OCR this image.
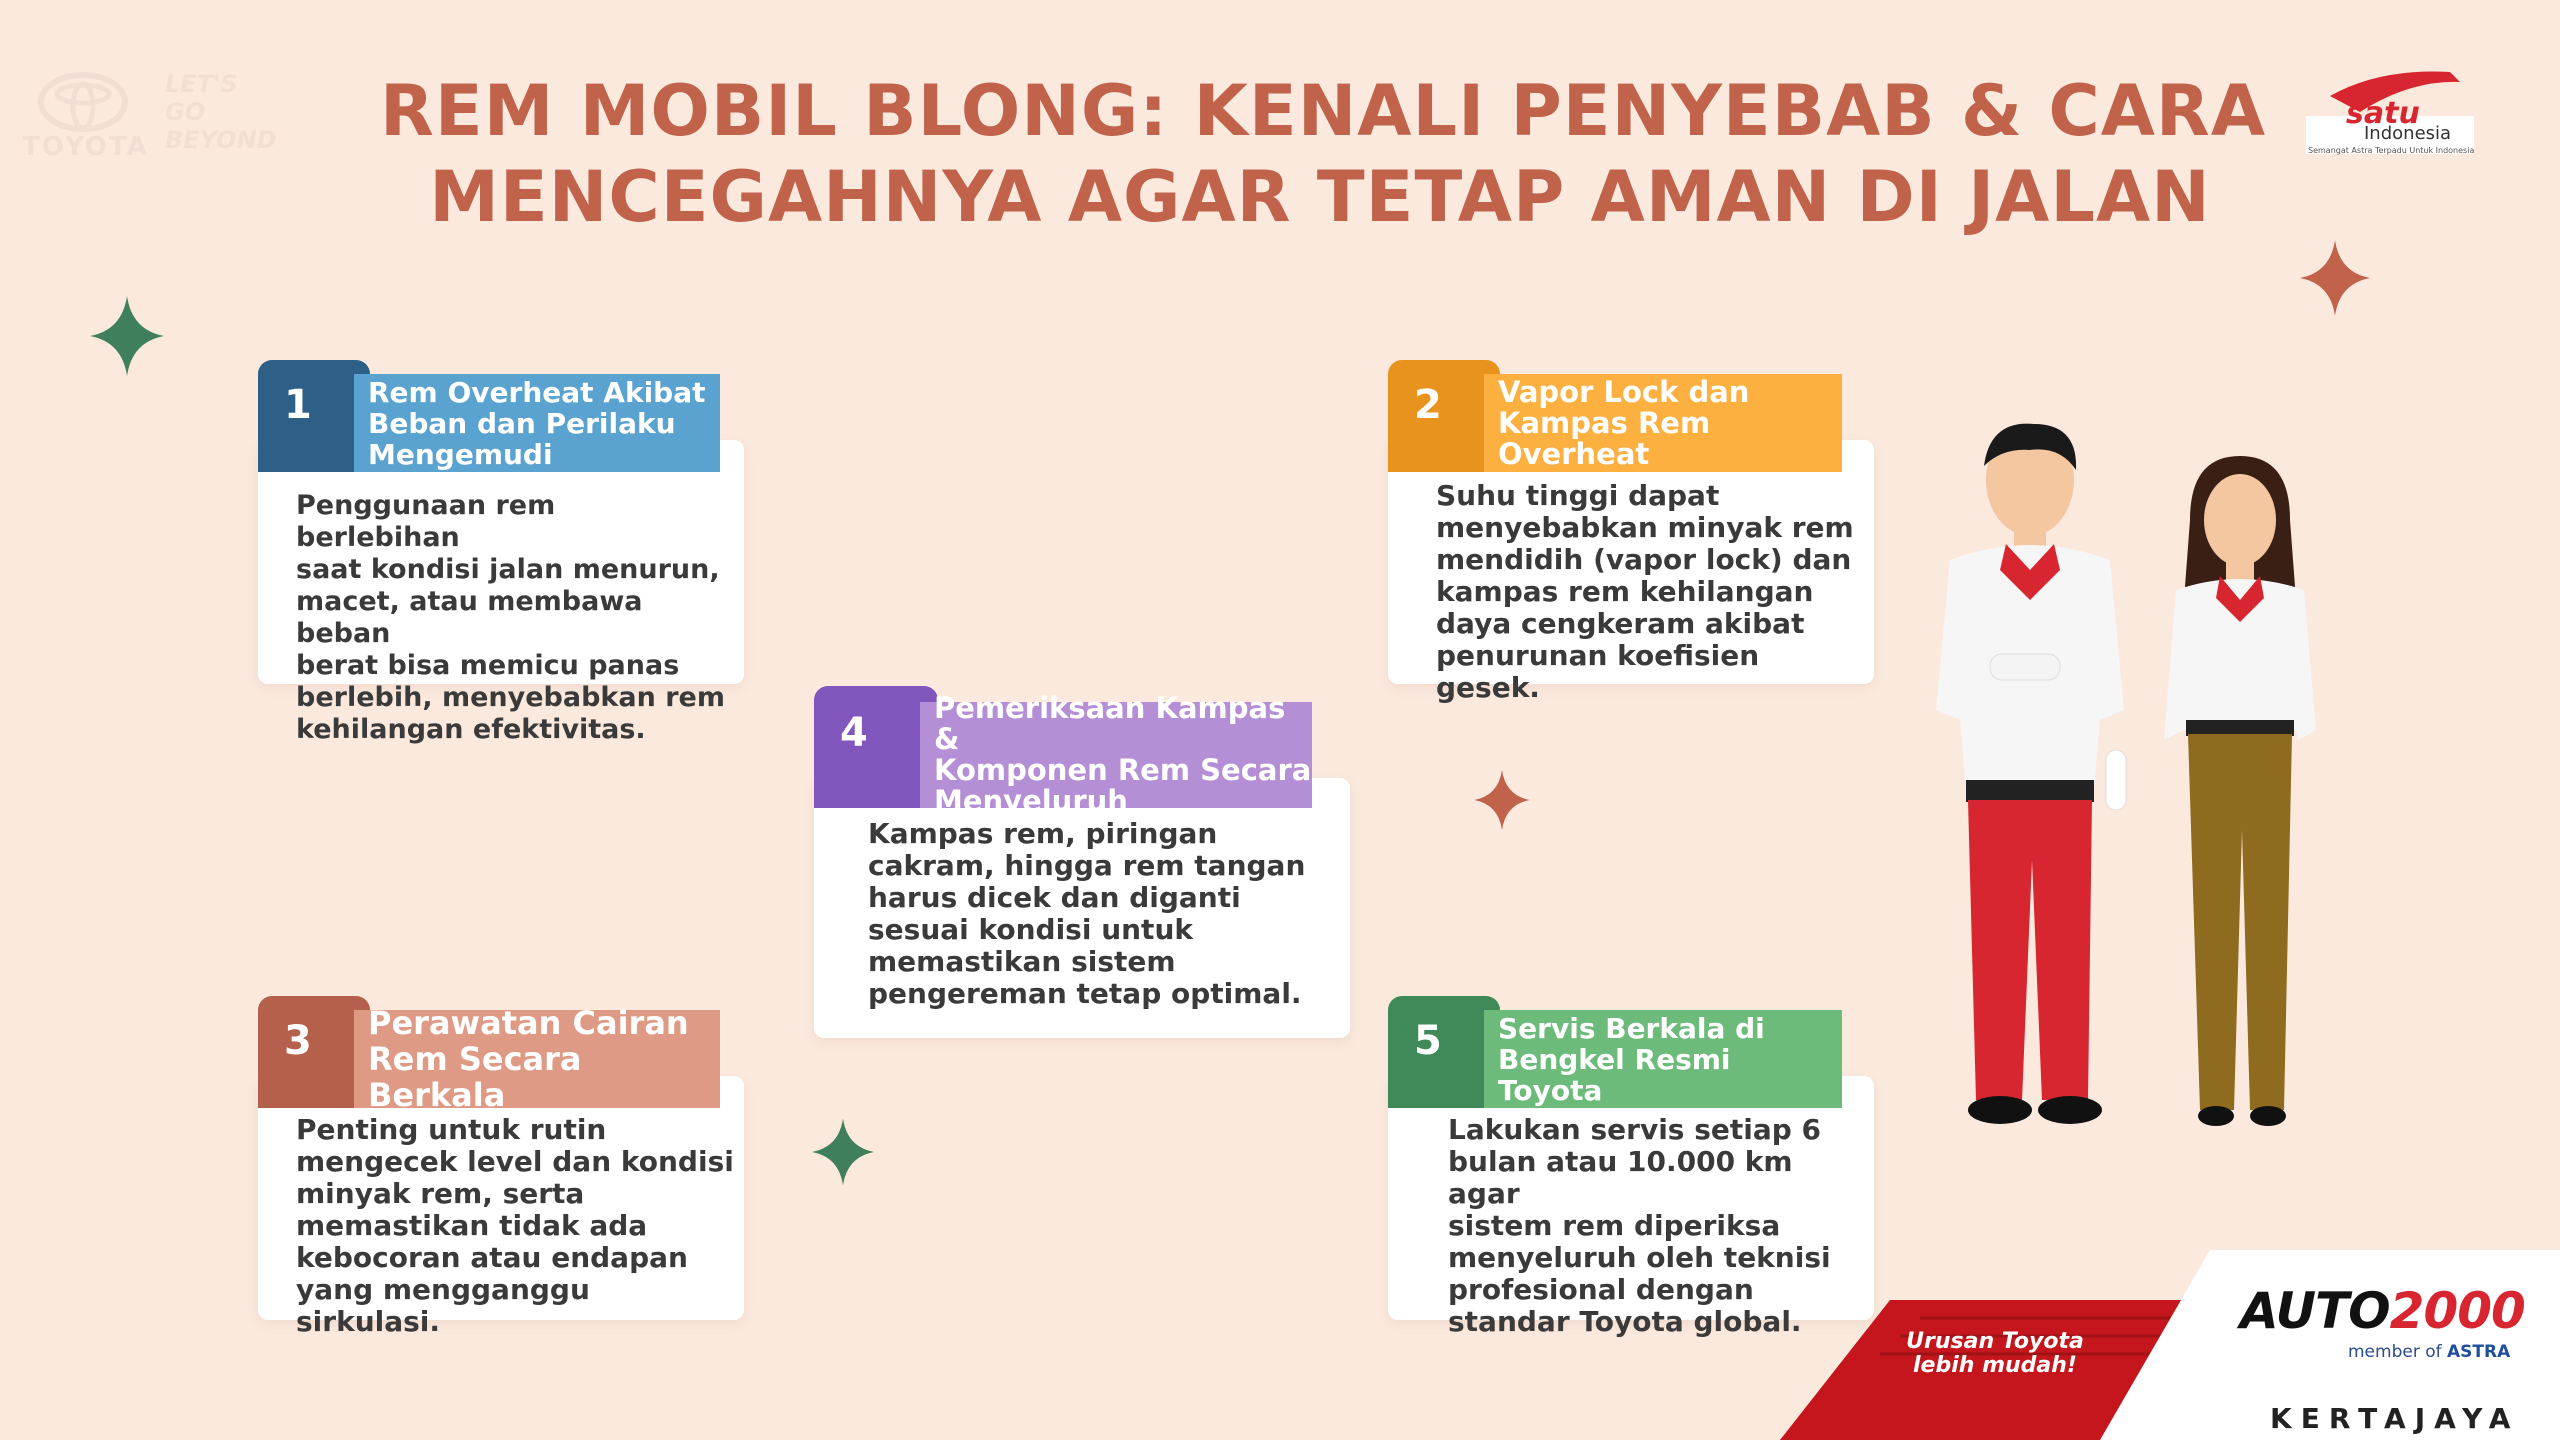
TOYOTA
LET'S
GO
BEYOND REM MOBIL BLONG: KENALI PENYEBAB & CARA
MENCEGAHNYA AGAR TETAP AMAN DI JALAN
satu
Indonesia
Semangat Astra Terpadu Untuk Indonesia
Rem Overheat Akibat
Beban dan Perilaku
Mengemudi
1
Penggunaan rem berlebihan
saat kondisi jalan menurun,
macet, atau membawa beban
berat bisa memicu panas
berlebih, menyebabkan rem
kehilangan efektivitas.
Vapor Lock dan
Kampas Rem Overheat
2
Suhu tinggi dapat
menyebabkan minyak rem
mendidih (vapor lock) dan
kampas rem kehilangan
daya cengkeram akibat
penurunan koefisien gesek.
Pemeriksaan Kampas &
Komponen Rem Secara
Menyeluruh
4
Kampas rem, piringan
cakram, hingga rem tangan
harus dicek dan diganti
sesuai kondisi untuk
memastikan sistem
pengereman tetap optimal.
Perawatan Cairan
Rem Secara Berkala
3
Penting untuk rutin
mengecek level dan kondisi
minyak rem, serta
memastikan tidak ada
kebocoran atau endapan
yang mengganggu sirkulasi.
Servis Berkala di
Bengkel Resmi
Toyota
5
Lakukan servis setiap 6
bulan atau 10.000 km agar
sistem rem diperiksa
menyeluruh oleh teknisi
profesional dengan
standar Toyota global.
Urusan Toyota
lebih mudah!
AUTO2000
member of ASTRA
KERTAJAYA
